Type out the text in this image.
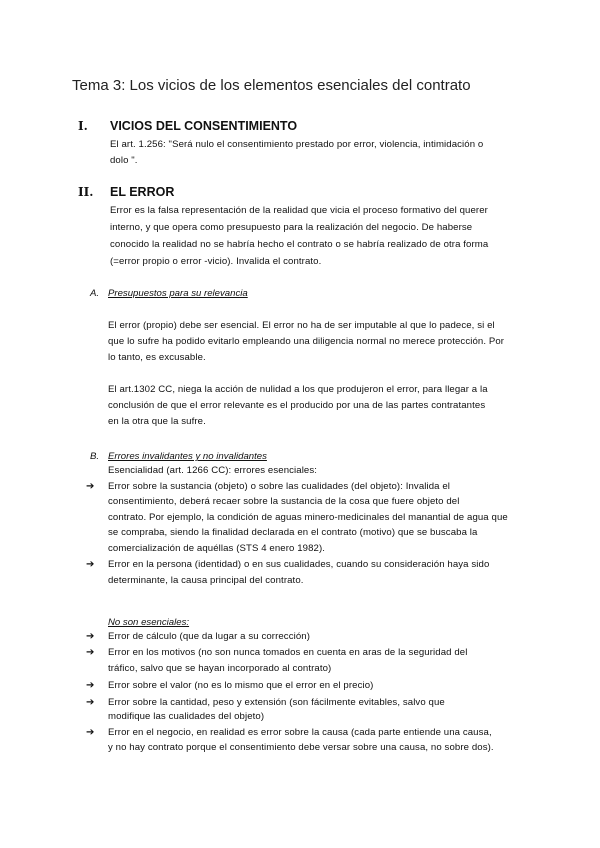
Tema 3: Los vicios de los elementos esenciales del contrato
I. VICIOS DEL CONSENTIMIENTO
El art. 1.256: "Será nulo el consentimiento prestado por error, violencia, intimidación o
dolo ".
II. EL ERROR
Error es la falsa representación de la realidad que vicia el proceso formativo del querer
interno, y que opera como presupuesto para la realización del negocio. De haberse
conocido la realidad no se habría hecho el contrato o se habría realizado de otra forma
(=error propio o error -vicio). Invalida el contrato.
A. Presupuestos para su relevancia
El error (propio) debe ser esencial. El error no ha de ser imputable al que lo padece, si el
que lo sufre ha podido evitarlo empleando una diligencia normal no merece protección. Por
lo tanto, es excusable.
El art.1302 CC, niega la acción de nulidad a los que produjeron el error, para llegar a la
conclusión de que el error relevante es el producido por una de las partes contratantes
en la otra que la sufre.
B. Errores invalidantes y no invalidantes
Esencialidad (art. 1266 CC): errores esenciales:
➔ Error sobre la sustancia (objeto) o sobre las cualidades (del objeto): Invalida el
consentimiento, deberá recaer sobre la sustancia de la cosa que fuere objeto del
contrato. Por ejemplo, la condición de aguas minero-medicinales del manantial de agua que
se compraba, siendo la finalidad declarada en el contrato (motivo) que se buscaba la
comercialización de aquéllas (STS 4 enero 1982).
➔ Error en la persona (identidad) o en sus cualidades, cuando su consideración haya sido
determinante, la causa principal del contrato.
No son esenciales:
➔ Error de cálculo (que da lugar a su corrección)
➔ Error en los motivos (no son nunca tomados en cuenta en aras de la seguridad del
tráfico, salvo que se hayan incorporado al contrato)
➔ Error sobre el valor (no es lo mismo que el error en el precio)
➔ Error sobre la cantidad, peso y extensión (son fácilmente evitables, salvo que
modifique las cualidades del objeto)
➔ Error en el negocio, en realidad es error sobre la causa (cada parte entiende una causa,
y no hay contrato porque el consentimiento debe versar sobre una causa, no sobre dos).
